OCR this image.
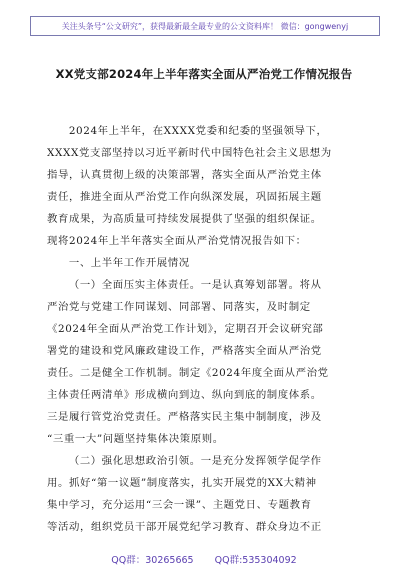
关注头条号“公文研究”，获得最新最全最专业的公文资料库！ 微信：gongwenyj
XX党支部2024年上半年落实全面从严治党工作情况报告
2024年上半年，在XXXX党委和纪委的坚强领导下，
XXXX党支部坚持以习近平新时代中国特色社会主义思想为
指导，认真贯彻上级的决策部署，落实全面从严治党主体
责任，推进全面从严治党工作向纵深发展，巩固拓展主题
教育成果，为高质量可持续发展提供了坚强的组织保证。
现将2024年上半年落实全面从严治党情况报告如下：
一、上半年工作开展情况
（一）全面压实主体责任。一是认真筹划部署。将从
严治党与党建工作同谋划、同部署、同落实，及时制定
《2024年全面从严治党工作计划》，定期召开会议研究部
署党的建设和党风廉政建设工作，严格落实全面从严治党
责任。二是健全工作机制。制定《2024年度全面从严治党
主体责任两清单》形成横向到边、纵向到底的制度体系。
三是履行管党治党责任。严格落实民主集中制制度，涉及
“三重一大”问题坚持集体决策原则。
（二）强化思想政治引领。一是充分发挥领学促学作
用。抓好“第一议题”制度落实，扎实开展党的XX大精神
集中学习，充分运用“三会一课”、主题党日、专题教育
等活动，组织党员干部开展党纪学习教育、群众身边不正
QQ群：30265665 QQ群:535304092
